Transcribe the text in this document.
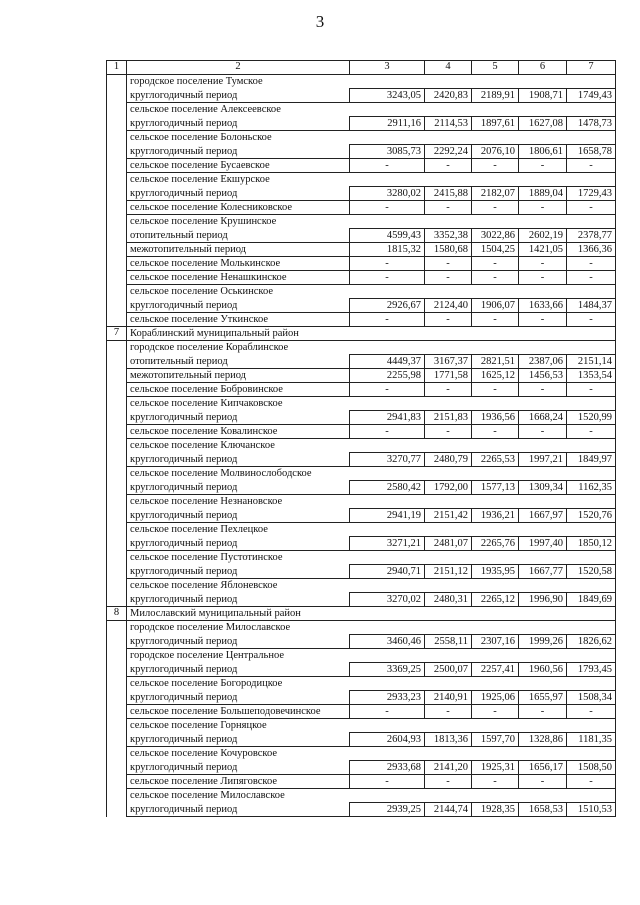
3
1	2	3	4	5	6	7
	городское поселение Тумское					
	круглогодичный период	3243,05	2420,83	2189,91	1908,71	1749,43
	сельское поселение Алексеевское					
	круглогодичный период	2911,16	2114,53	1897,61	1627,08	1478,73
	сельское поселение Болоньское					
	круглогодичный период	3085,73	2292,24	2076,10	1806,61	1658,78
	сельское поселение Бусаевское	-	-	-	-	-
	сельское поселение Екшурское					
	круглогодичный период	3280,02	2415,88	2182,07	1889,04	1729,43
	сельское поселение Колесниковское	-	-	-	-	-
	сельское поселение Крушинское					
	отопительный период	4599,43	3352,38	3022,86	2602,19	2378,77
	межотопительный период	1815,32	1580,68	1504,25	1421,05	1366,36
	сельское поселение Молькинское	-	-	-	-	-
	сельское поселение Ненашкинское	-	-	-	-	-
	сельское поселение Оськинское					
	круглогодичный период	2926,67	2124,40	1906,07	1633,66	1484,37
	сельское поселение Уткинское	-	-	-	-	-
7	Кораблинский муниципальный район					
	городское поселение Кораблинское					
	отопительный период	4449,37	3167,37	2821,51	2387,06	2151,14
	межотопительный период	2255,98	1771,58	1625,12	1456,53	1353,54
	сельское поселение Бобровинское	-	-	-	-	-
	сельское поселение Кипчаковское					
	круглогодичный период	2941,83	2151,83	1936,56	1668,24	1520,99
	сельское поселение Ковалинское	-	-	-	-	-
	сельское поселение Ключанское					
	круглогодичный период	3270,77	2480,79	2265,53	1997,21	1849,97
	сельское поселение Молвинослободское					
	круглогодичный период	2580,42	1792,00	1577,13	1309,34	1162,35
	сельское поселение Незнановское					
	круглогодичный период	2941,19	2151,42	1936,21	1667,97	1520,76
	сельское поселение Пехлецкое					
	круглогодичный период	3271,21	2481,07	2265,76	1997,40	1850,12
	сельское поселение Пустотинское					
	круглогодичный период	2940,71	2151,12	1935,95	1667,77	1520,58
	сельское поселение Яблоневское					
	круглогодичный период	3270,02	2480,31	2265,12	1996,90	1849,69
8	Милославский муниципальный район					
	городское поселение Милославское					
	круглогодичный период	3460,46	2558,11	2307,16	1999,26	1826,62
	городское поселение Центральное					
	круглогодичный период	3369,25	2500,07	2257,41	1960,56	1793,45
	сельское поселение Богородицкое					
	круглогодичный период	2933,23	2140,91	1925,06	1655,97	1508,34
	сельское поселение Большеподовечинское	-	-	-	-	-
	сельское поселение Горняцкое					
	круглогодичный период	2604,93	1813,36	1597,70	1328,86	1181,35
	сельское поселение Кочуровское					
	круглогодичный период	2933,68	2141,20	1925,31	1656,17	1508,50
	сельское поселение Липяговское	-	-	-	-	-
	сельское поселение Милославское					
	круглогодичный период	2939,25	2144,74	1928,35	1658,53	1510,53
